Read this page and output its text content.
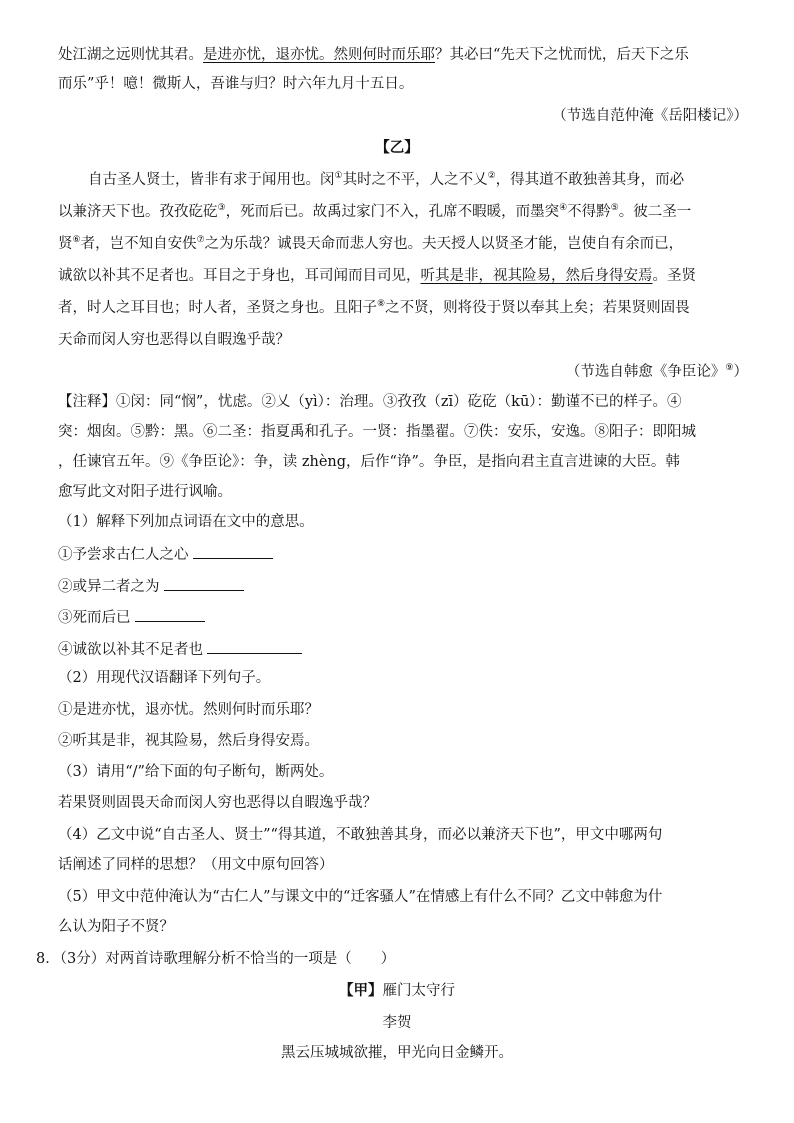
处江湖之远则忧其君。是进亦忧，退亦忧。然则何时而乐耶？其必曰“先天下之忧而忧，后天下之乐
而乐”乎！噫！微斯人，吾谁与归？时六年九月十五日。
（节选自范仲淹《岳阳楼记》）
【乙】
自古圣人贤士，皆非有求于闻用也。闵①其时之不平，人之不乂②，得其道不敢独善其身，而必
以兼济天下也。孜孜矻矻③，死而后已。故禹过家门不入，孔席不暇暖，而墨突④不得黔⑤。彼二圣一
贤⑥者，岂不知自安佚⑦之为乐哉？诚畏天命而悲人穷也。夫天授人以贤圣才能，岂使自有余而已，
诚欲以补其不足者也。耳目之于身也，耳司闻而目司见，听其是非，视其险易，然后身得安焉。圣贤
者，时人之耳目也；时人者，圣贤之身也。且阳子⑧之不贤，则将役于贤以奉其上矣；若果贤则固畏
天命而闵人穷也恶得以自暇逸乎哉？
（节选自韩愈《争臣论》⑨）
【注释】①闵：同“悯”，忧虑。②乂（yì）：治理。③孜孜（zī）矻矻（kū）：勤谨不已的样子。④
突：烟囱。⑤黔：黑。⑥二圣：指夏禹和孔子。一贤：指墨翟。⑦佚：安乐，安逸。⑧阳子：即阳城
，任谏官五年。⑨《争臣论》：争，读 zhèng，后作“诤”。争臣，是指向君主直言进谏的大臣。韩
愈写此文对阳子进行讽喻。
（1）解释下列加点词语在文中的意思。
①予尝求古仁人之心
②或异二者之为
③死而后已
④诚欲以补其不足者也
（2）用现代汉语翻译下列句子。
①是进亦忧，退亦忧。然则何时而乐耶？
②听其是非，视其险易，然后身得安焉。
（3）请用“/”给下面的句子断句，断两处。
若果贤则固畏天命而闵人穷也恶得以自暇逸乎哉？
（4）乙文中说“自古圣人、贤士”“得其道，不敢独善其身，而必以兼济天下也”，甲文中哪两句
话阐述了同样的思想？（用文中原句回答）
（5）甲文中范仲淹认为“古仁人”与课文中的“迁客骚人”在情感上有什么不同？乙文中韩愈为什
么认为阳子不贤？
8．（3分）对两首诗歌理解分析不恰当的一项是（　　）
【甲】雁门太守行
李贺
黑云压城城欲摧，甲光向日金鳞开。
